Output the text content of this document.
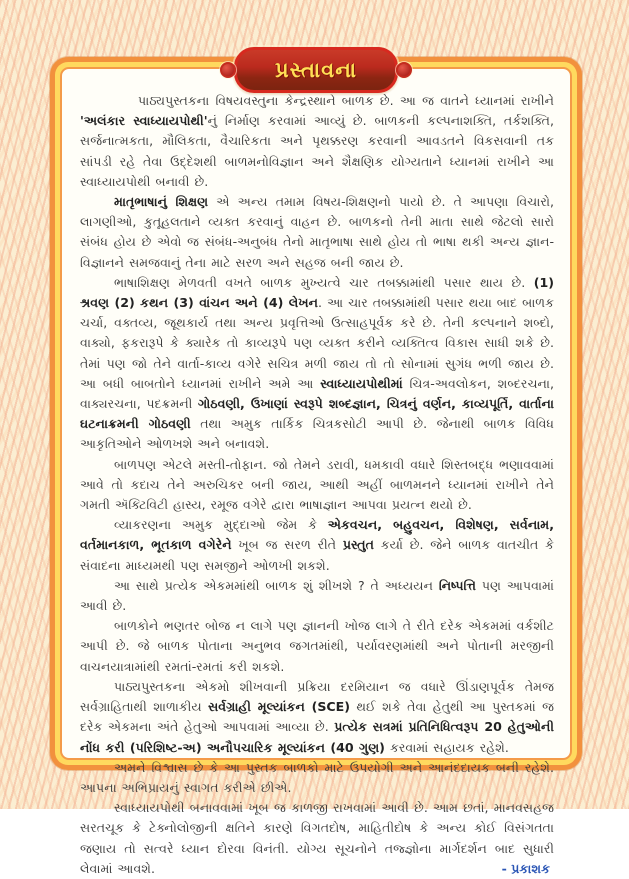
પ્રસ્તાવના

પાઠ્યપુસ્તકના વિષયવસ્તુના કેન્દ્રસ્થાને બાળક છે. આ જ વાતને ધ્યાનમાં રાખીને 'અલંકાર સ્વાધ્યાયપોથી'નું નિર્માણ કરવામાં આવ્યું છે. બાળકની કલ્પનાશક્તિ, તર્કશક્તિ, સર્જનાત્મકતા, મૌલિકતા, વૈચારિકતા અને પૃથક્કરણ કરવાની આવડતને વિકસવાની તક સાંપડી રહે તેવા ઉદ્દેશથી બાળમનોવિજ્ઞાન અને શૈક્ષણિક યોગ્યતાને ધ્યાનમાં રાખીને આ સ્વાધ્યાયપોથી બનાવી છે.

માતૃભાષાનું શિક્ષણ એ અન્ય તમામ વિષય-શિક્ષણનો પાયો છે. તે આપણા વિચારો, લાગણીઓ, કુતૂહલતાને વ્યક્ત કરવાનું વાહન છે. બાળકનો તેની માતા સાથે જેટલો સારો સંબંધ હોય છે એવો જ સંબંધ-અનુબંધ તેનો માતૃભાષા સાથે હોય તો ભાષા થકી અન્ય જ્ઞાન-વિજ્ઞાનને સમજવાનું તેના માટે સરળ અને સહજ બની જાય છે.

ભાષાશિક્ષણ મેળવતી વખતે બાળક મુખ્યત્વે ચાર તબક્કામાંથી પસાર થાય છે. (1) શ્રવણ (2) કથન (3) વાંચન અને (4) લેખન. આ ચાર તબક્કામાંથી પસાર થયા બાદ બાળક ચર્ચા, વક્તવ્ય, જૂથકાર્ય તથા અન્ય પ્રવૃત્તિઓ ઉત્સાહપૂર્વક કરે છે. તેની કલ્પનાને શબ્દો, વાક્યો, ફકરારૂપે કે ક્યારેક તો કાવ્યરૂપે પણ વ્યક્ત કરીને વ્યક્તિત્વ વિકાસ સાધી શકે છે. તેમાં પણ જો તેને વાર્તા-કાવ્ય વગેરે સચિત્ર મળી જાય તો તો સોનામાં સુગંધ ભળી જાય છે. આ બધી બાબતોને ધ્યાનમાં રાખીને અમે આ સ્વાધ્યાયપોથીમાં ચિત્ર-અવલોકન, શબ્દરચના, વાક્યરચના, પદક્રમની ગોઠવણી, ઉખાણાં સ્વરૂપે શબ્દજ્ઞાન, ચિત્રનું વર્ણન, કાવ્યપૂર્તિ, વાર્તાના ઘટનાક્રમની ગોઠવણી તથા અમુક તાર્કિક ચિત્રકસોટી આપી છે. જેનાથી બાળક વિવિધ આકૃતિઓને ઓળખશે અને બનાવશે.

બાળપણ એટલે મસ્તી-તોફાન. જો તેમને ડરાવી, ધમકાવી વધારે શિસ્તબદ્ધ ભણાવવામાં આવે તો કદાચ તેને અરુચિકર બની જાય, આથી અહીં બાળમનને ધ્યાનમાં રાખીને તેને ગમતી ઍક્ટિવિટી હાસ્ય, રમૂજ વગેરે દ્વારા ભાષાજ્ઞાન આપવા પ્રયત્ન થયો છે.

વ્યાકરણના અમુક મુદ્દાઓ જેમ કે એકવચન, બહુવચન, વિશેષણ, સર્વનામ, વર્તમાનકાળ, ભૂતકાળ વગેરેને ખૂબ જ સરળ રીતે પ્રસ્તુત કર્યા છે. જેને બાળક વાતચીત કે સંવાદના માધ્યમથી પણ સમજીને ઓળખી શકશે.

આ સાથે પ્રત્યેક એકમમાંથી બાળક શું શીખશે ? તે અધ્યયન નિષ્પત્તિ પણ આપવામાં આવી છે.

બાળકોને ભણતર બોજ ન લાગે પણ જ્ઞાનની ખોજ લાગે તે રીતે દરેક એકમમાં વર્કશીટ આપી છે. જે બાળક પોતાના અનુભવ જગતમાંથી, પર્યાવરણમાંથી અને પોતાની મરજીની વાચનયાત્રામાંથી રમતાં-રમતાં કરી શકશે.

પાઠ્યપુસ્તકના એકમો શીખવાની પ્રક્રિયા દરમિયાન જ વધારે ઊંડાણપૂર્વક તેમજ સર્વગ્રાહિતાથી શાળાકીય સર્વગ્રાહી મૂલ્યાંકન (SCE) થઈ શકે તેવા હેતુથી આ પુસ્તકમાં જ દરેક એકમના અંતે હેતુઓ આપવામાં આવ્યા છે. પ્રત્યેક સત્રમાં પ્રતિનિધિત્વરૂપ 20 હેતુઓની નોંધ કરી (પરિશિષ્ટ-અ) અનૌપચારિક મૂલ્યાંકન (40 ગુણ) કરવામાં સહાયક રહેશે.

અમને વિશ્વાસ છે કે આ પુસ્તક બાળકો માટે ઉપયોગી અને આનંદદાયક બની રહેશે. આપના અભિપ્રાયનું સ્વાગત કરીએ છીએ.

સ્વાધ્યાયપોથી બનાવવામાં ખૂબ જ કાળજી રાખવામાં આવી છે. આમ છતાં, માનવસહજ સરતચૂક કે ટેક્નોલોજીની ક્ષતિને કારણે વિગતદોષ, માહિતીદોષ કે અન્ય કોઈ વિસંગતતા જણાય તો સત્વરે ધ્યાન દોરવા વિનંતી. યોગ્ય સૂચનોને તજ્જ્ઞોના માર્ગદર્શન બાદ સુધારી લેવામાં આવશે.	- પ્રકાશક
